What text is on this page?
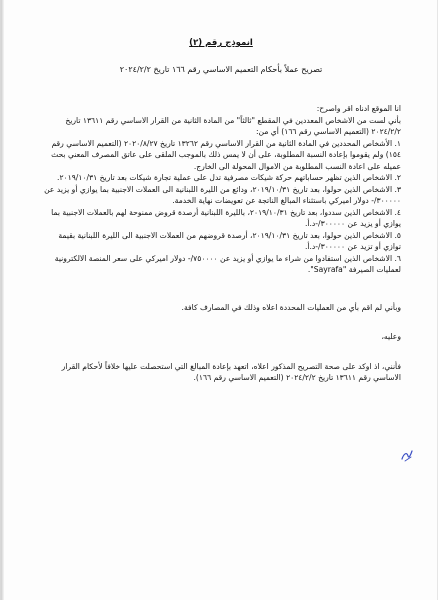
انموذج رقم (٢)

تصريح عملاً بأحكام التعميم الاساسي رقم ١٦٦ تاريخ ٢٠٢٤/٢/٢

انا الموقع ادناه اقر واصرح:

بأني لست من الاشخاص المعددين في المقطع "ثالثاً" من المادة الثانية من القرار الاساسي رقم ١٣٦١١ تاريخ ٢٠٢٤/٢/٢ (التعميم الاساسي رقم ١٦٦) أي من:

١. الأشخاص المحددين في المادة الثانية من القرار الاساسي رقم ١٣٢٦٢ تاريخ ٢٠٢٠/٨/٢٧ (التعميم الاساسي رقم ١٥٤) ولم يقوموا بإعادة النسبة المطلوبة، على أن لا يمس ذلك بالموجب الملقى على عاتق المصرف المعني بحث عميله على اعادة النسب المطلوبة من الاموال المحولة الى الخارج.
٢. الاشخاص الذين تظهر حساباتهم حركة شيكات مصرفية تدل على عملية تجارة شيكات بعد تاريخ ٢٠١٩/١٠/٣١.
٣. الاشخاص الذين حولوا، بعد تاريخ ٢٠١٩/١٠/٣١، ودائع من الليرة اللبنانية الى العملات الاجنبية بما يوازي أو يزيد عن ٣٠٠٠٠٠/- دولار اميركي باستثناء المبالغ الناتجة عن تعويضات نهاية الخدمة.
٤. الاشخاص الذين سددوا، بعد تاريخ ٢٠١٩/١٠/٣١، بالليرة اللبنانية أرصدة قروض ممنوحة لهم بالعملات الاجنبية بما يوازي أو يزيد عن ٣٠٠٠٠٠/-د.أ.
٥. الاشخاص الذين حولوا، بعد تاريخ ٢٠١٩/١٠/٣١، أرصدة قروضهم من العملات الاجنبية الى الليرة اللبنانية بقيمة توازي أو تزيد عن ٣٠٠٠٠٠/-د.أ.
٦. الاشخاص الذين استفادوا من شراء ما يوازي أو يزيد عن ٧٥٠٠٠٠/- دولار اميركي على سعر المنصة الالكترونية لعمليات الصيرفة "Sayrafa".

وبأني لم اقم بأي من العمليات المحددة اعلاه وذلك في المصارف كافة.

وعليه،

فأنني، اذ اوكد على صحة التصريح المذكور اعلاه، اتعهد بإعادة المبالغ التي استحصلت عليها خلافاً لأحكام القرار الاساسي رقم ١٣٦١١ تاريخ ٢٠٢٤/٢/٢ (التعميم الاساسي رقم ١٦٦).
